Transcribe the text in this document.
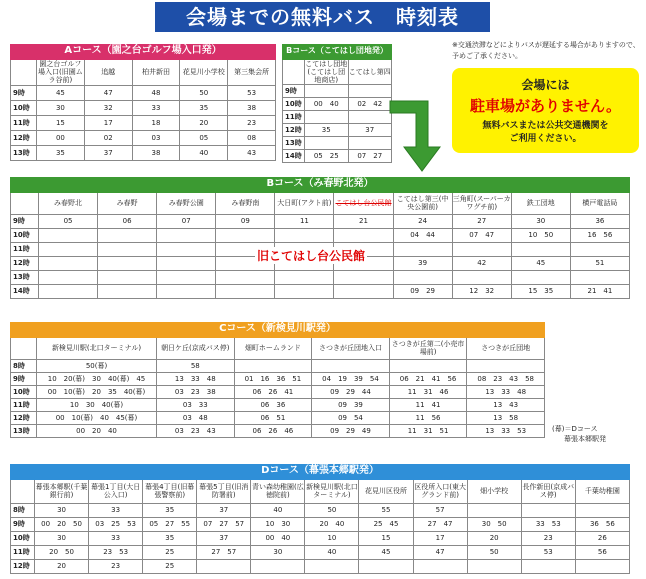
会場までの無料バス　時刻表
Aコース（園之台ゴルフ場入口発）
	園之台ゴルフ場入口(旧園ムラ谷前)	追越	柏井新田	花見川小学校	第三集会所
9時	45	47	48	50	53
10時	30	32	33	35	38
11時	15	17	18	20	23
12時	00	02	03	05	08
13時	35	37	38	40	43
Bコース（こてはし団地発）
	こてはし団地(こてはし団地商店)	こてはし第四
9時		
10時	00　40	02　42
11時		
12時	35	37
13時		
14時	05　25	07　27
※交通渋滞などによりバスが遅延する場合がありますので、予めご了承ください。
会場には
駐車場がありません。
無料バスまたは公共交通機関を
ご利用ください。
Bコース（み春野北発）
	み春野北	み春野	み春野公園	み春野南	大日町(アクト前)	こてはし台公民館	こてはし第三(中央公園前)	三角町(スーパーカワグチ前)	鉄工団地	横戸電話局
9時	05	06	07	09	11	21	24	27	30	36
10時							04　44	07　47	10　50	16　56
11時										
12時							39	42	45	51
13時										
14時							09　29	12　32	15　35	21　41
旧こてはし台公民館
Cコース（新検見川駅発）
	新検見川駅(北口ターミナル)	朝日ケ丘(京成バス停)	畑町ホームランド	さつきが丘団地入口	さつきが丘第二(小売市場前)	さつきが丘団地
8時	50(幕)	58				
9時	10　20(幕)　30　40(幕)　45	13　33　48	01　16　36　51	04　19　39　54	06　21　41　56	08　23　43　58
10時	00　10(幕)　20　35　40(幕)	03　23　38	06　26　41	09　29　44	11　31　46	13　33　48
11時	10　30　40(幕)	03　33	06　36	09　39	11　41	13　43
12時	00　10(幕)　40　45(幕)	03　48	06　51	09　54	11　56	13　58
13時	00　20　40	03　23　43	06　26　46	09　29　49	11　31　51	13　33　53	(幕)＝Dコース
幕張本郷駅発
Dコース（幕張本郷駅発）
	幕張本郷駅(千葉銀行前)	幕張1丁目(大日公入口)	幕張4丁目(旧幕張警察前)	幕張5丁目(旧消防署前)	青い森幼稚園(広徳院前)	新検見川駅(北口ターミナル)	花見川区役所	区役所入口(東大グランド前)	畑小学校	長作新田(京成バス停)	千葉幼稚園
8時	30	33	35	37	40	50	55	57			
9時	00　20　50	03　25　53	05　27　55	07　27　57	10　30	20　40	25　45	27　47	30　50	33　53	36　56
10時	30	33	35	37	00　40	10	15	17	20	23	26
11時	20　50	23　53	25	27　57	30	40	45	47	50	53	56
12時	20	23	25								
